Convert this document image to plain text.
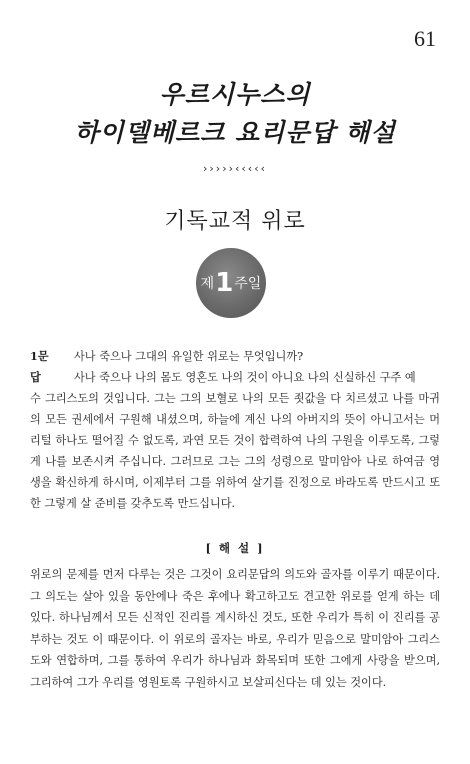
61
우르시누스의
하이델베르크 요리문답 해설
›››››‹‹‹‹‹
기독교적 위로
제 1 주일
1문	사나 죽으나 그대의 유일한 위로는 무엇입니까?
답	사나 죽으나 나의 몸도 영혼도 나의 것이 아니요 나의 신실하신 구주 예
수 그리스도의 것입니다. 그는 그의 보혈로 나의 모든 죗값을 다 치르셨고 나를 마귀의 모든 권세에서 구원해 내셨으며, 하늘에 계신 나의 아버지의 뜻이 아니고서는 머리털 하나도 떨어질 수 없도록, 과연 모든 것이 합력하여 나의 구원을 이루도록, 그렇게 나를 보존시켜 주십니다. 그러므로 그는 그의 성령으로 말미암아 나로 하여금 영생을 확신하게 하시며, 이제부터 그를 위하여 살기를 진정으로 바라도록 만드시고 또한 그렇게 살 준비를 갖추도록 만드십니다.
[ 해 설 ]
위로의 문제를 먼저 다루는 것은 그것이 요리문답의 의도와 골자를 이루기 때문이다. 그 의도는 살아 있을 동안에나 죽은 후에나 확고하고도 견고한 위로를 얻게 하는 데 있다. 하나님께서 모든 신적인 진리를 계시하신 것도, 또한 우리가 특히 이 진리를 공부하는 것도 이 때문이다. 이 위로의 골자는 바로, 우리가 믿음으로 말미암아 그리스도와 연합하며, 그를 통하여 우리가 하나님과 화목되며 또한 그에게 사랑을 받으며, 그리하여 그가 우리를 영원토록 구원하시고 보살피신다는 데 있는 것이다.
